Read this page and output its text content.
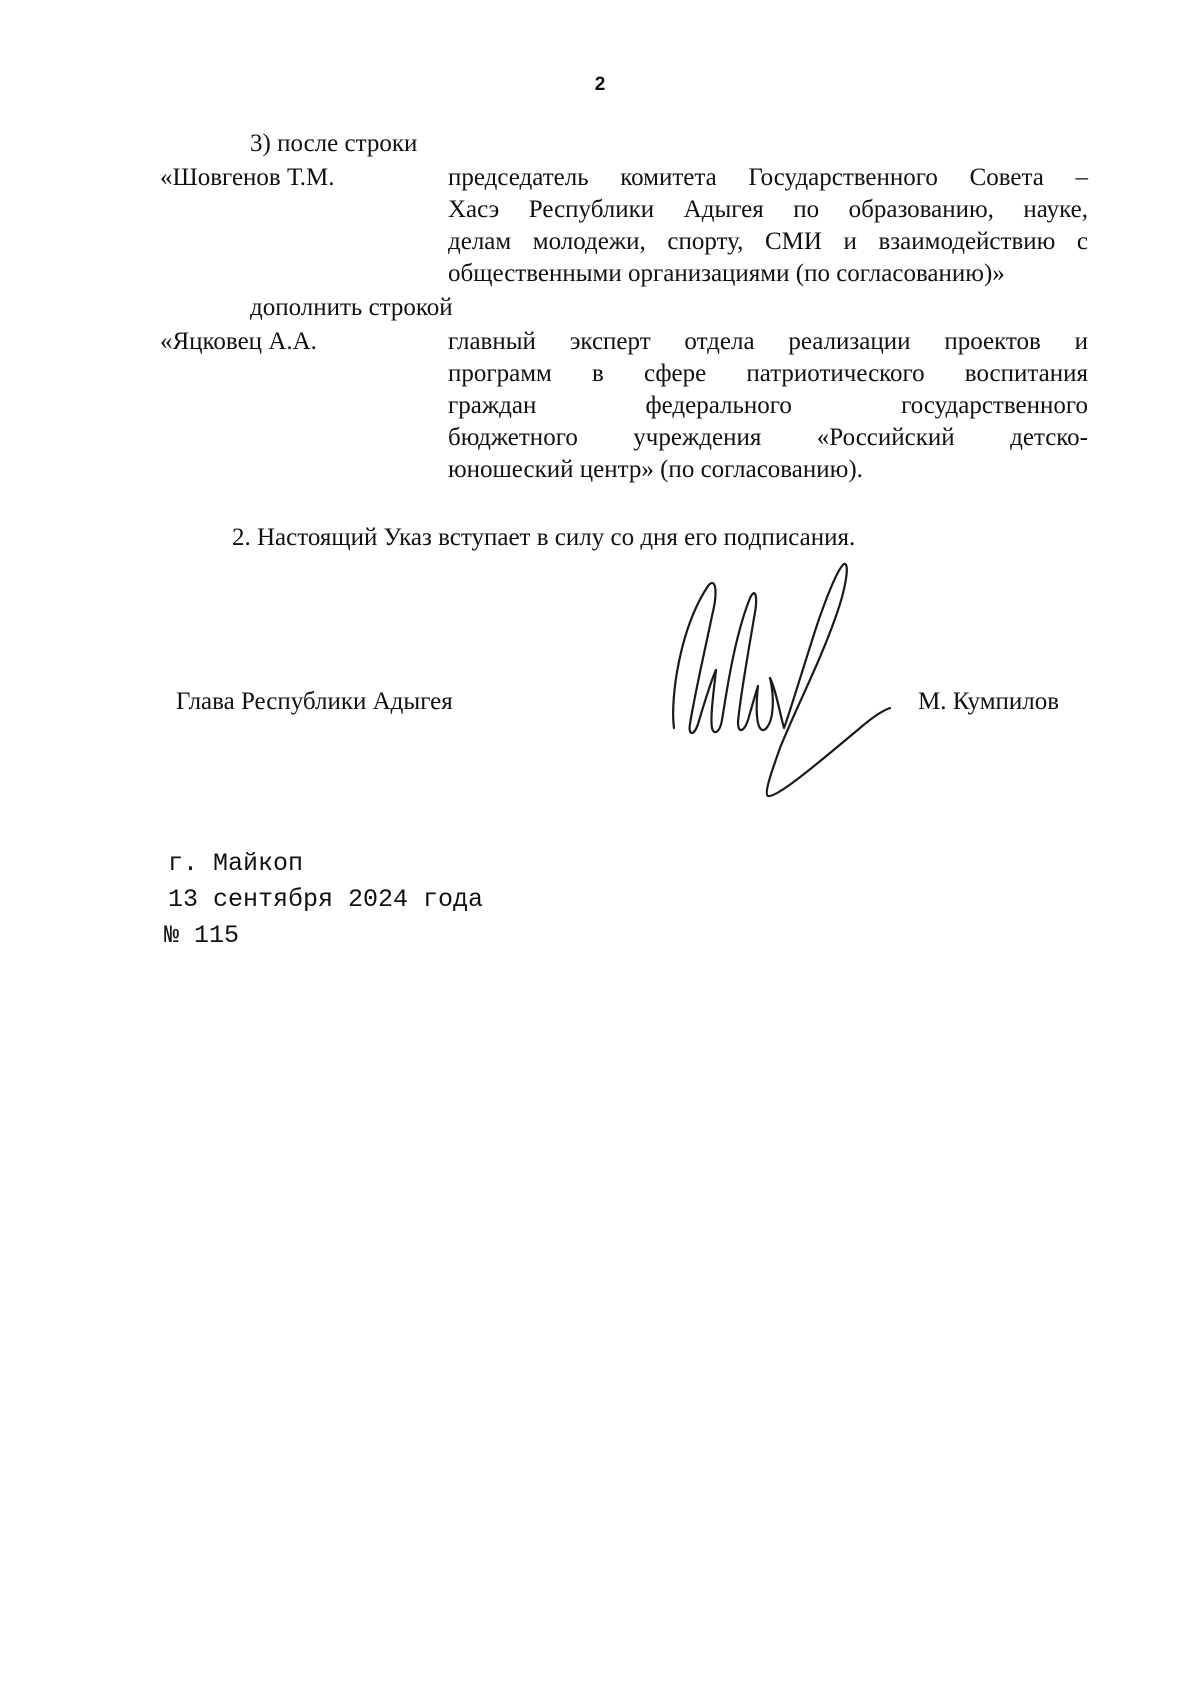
2
3) после строки
«Шовгенов Т.М.	председатель комитета Государственного Совета –
Хасэ Республики Адыгея по образованию, науке,
делам молодежи, спорту, СМИ и взаимодействию с
общественными организациями (по согласованию)»
дополнить строкой
«Яцковец А.А.	главный эксперт отдела реализации проектов и
программ в сфере патриотического воспитания
граждан федерального государственного
бюджетного учреждения «Российский детско-
юношеский центр» (по согласованию).
2. Настоящий Указ вступает в силу со дня его подписания.
Глава Республики Адыгея	М. Кумпилов
г. Майкоп
13 сентября 2024 года
№ 115
